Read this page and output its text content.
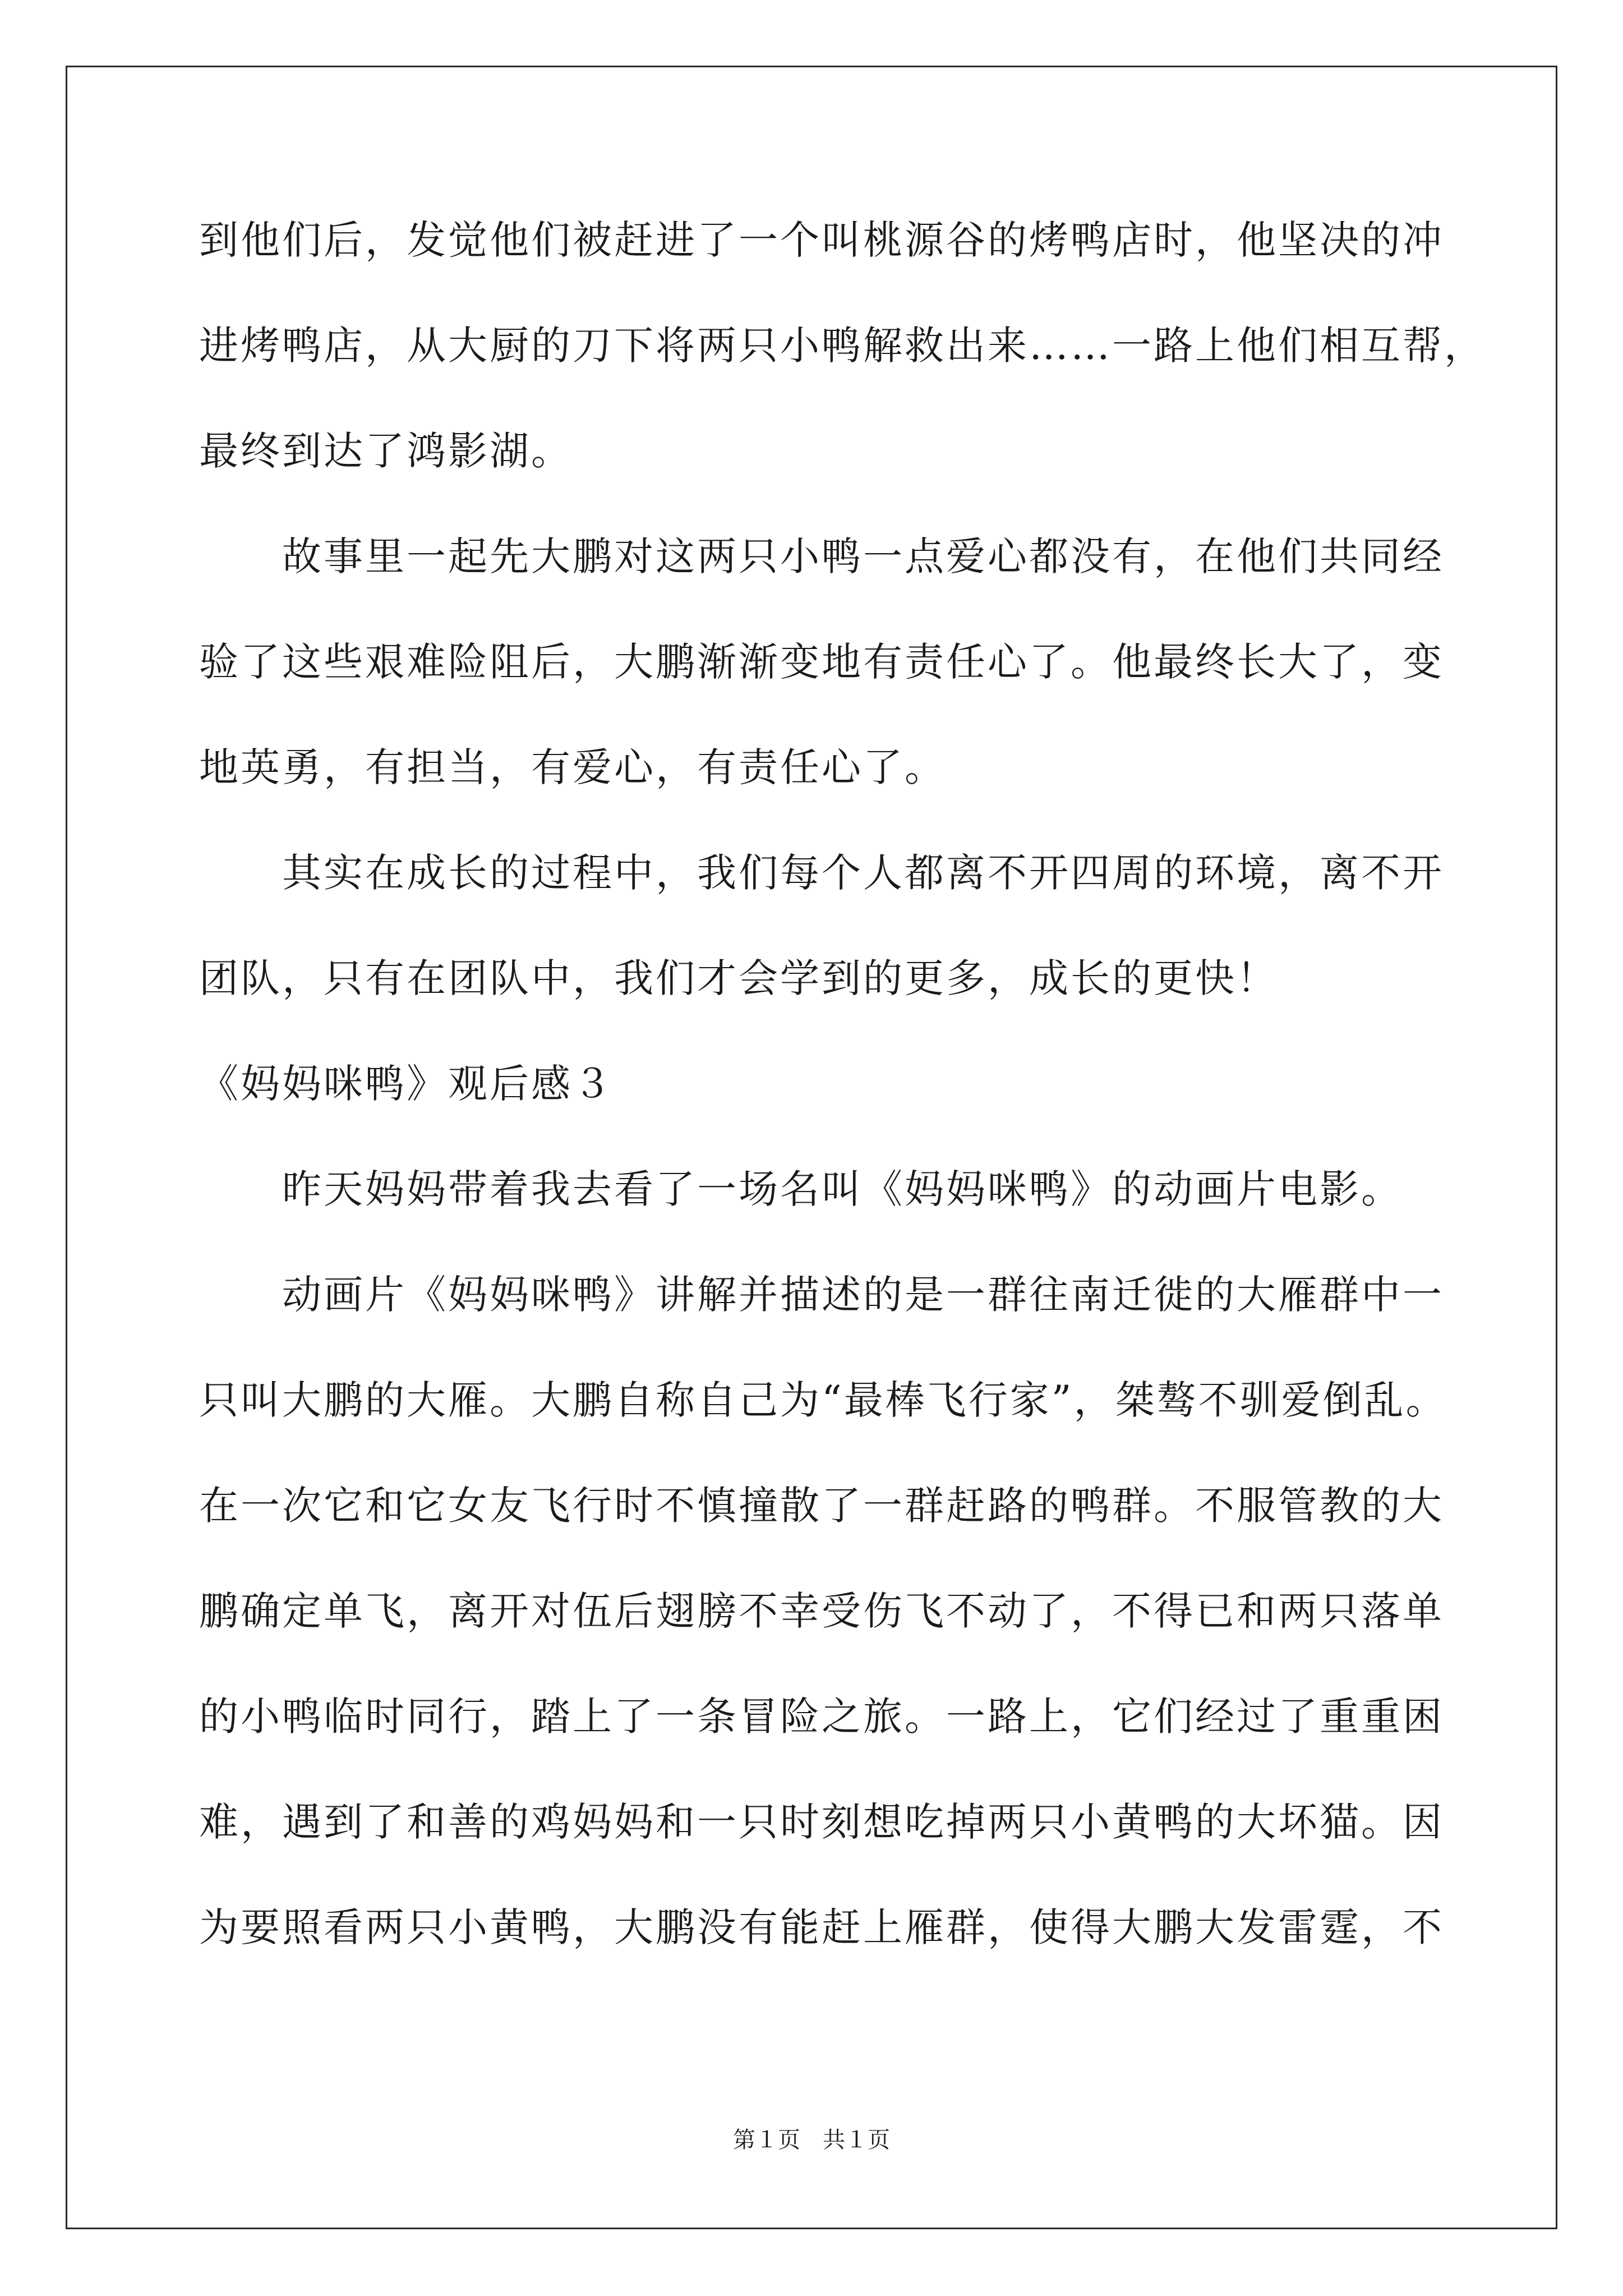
到他们后，发觉他们被赶进了一个叫桃源谷的烤鸭店时，他坚决的冲
进烤鸭店，从大厨的刀下将两只小鸭解救出来……一路上他们相互帮，
最终到达了鸿影湖。
　　故事里一起先大鹏对这两只小鸭一点爱心都没有，在他们共同经
验了这些艰难险阻后，大鹏渐渐变地有责任心了。他最终长大了，变
地英勇，有担当，有爱心，有责任心了。
　　其实在成长的过程中，我们每个人都离不开四周的环境，离不开
团队，只有在团队中，我们才会学到的更多，成长的更快！
《妈妈咪鸭》观后感３
　　昨天妈妈带着我去看了一场名叫《妈妈咪鸭》的动画片电影。
　　动画片《妈妈咪鸭》讲解并描述的是一群往南迁徙的大雁群中一
只叫大鹏的大雁。大鹏自称自己为“最棒飞行家”，桀骜不驯爱倒乱。
在一次它和它女友飞行时不慎撞散了一群赶路的鸭群。不服管教的大
鹏确定单飞，离开对伍后翅膀不幸受伤飞不动了，不得已和两只落单
的小鸭临时同行，踏上了一条冒险之旅。一路上，它们经过了重重困
难，遇到了和善的鸡妈妈和一只时刻想吃掉两只小黄鸭的大坏猫。因
为要照看两只小黄鸭，大鹏没有能赶上雁群，使得大鹏大发雷霆，不
第１页　共１页
